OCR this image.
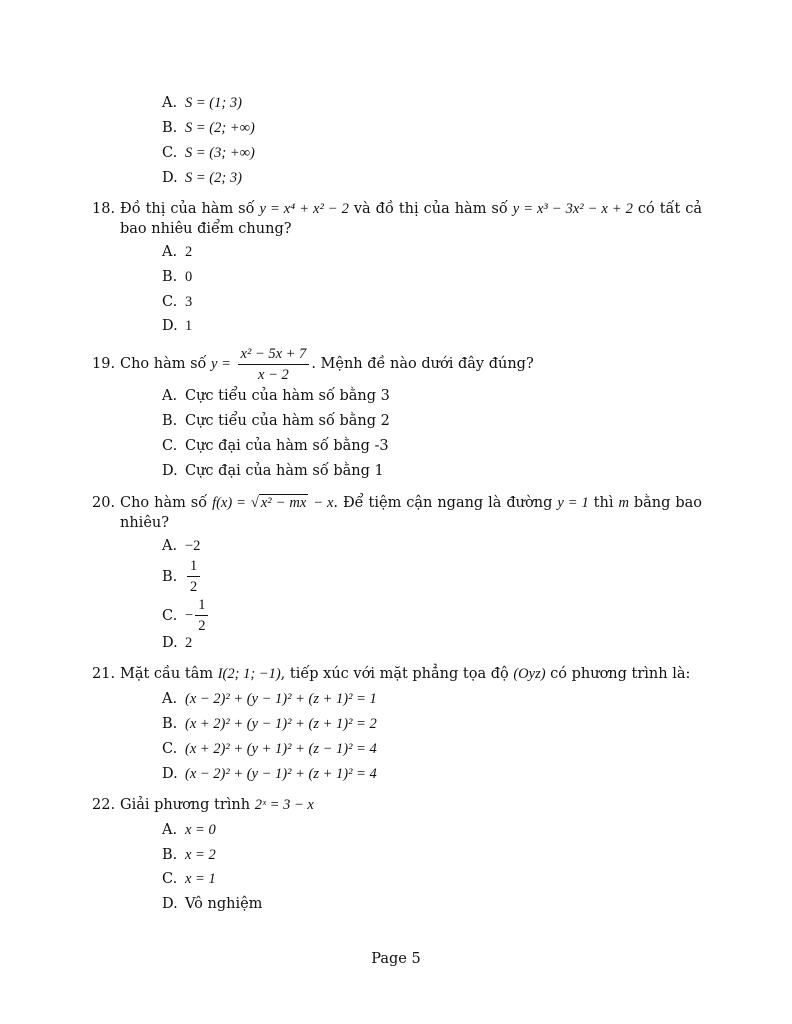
A. S = (1; 3)
B. S = (2; +∞)
C. S = (3; +∞)
D. S = (2; 3)
18. Đồ thị của hàm số y = x⁴ + x² − 2 và đồ thị của hàm số y = x³ − 3x² − x + 2 có tất cả bao nhiêu điểm chung?
A. 2
B. 0
C. 3
D. 1
19. Cho hàm số $y = \frac{\text{x² − 5x + 7}}{x - 2}$ . Mệnh đề nào dưới đây đúng?
A. Cực tiểu của hàm số bằng 3
B. Cực tiểu của hàm số bằng 2
C. Cực đại của hàm số bằng -3
D. Cực đại của hàm số bằng 1
20. Cho hàm số f(x) = √ x² − mx − x. Để tiệm cận ngang là đường y = 1 thì m bằng bao nhiêu?
A. −2
B. $\frac{1}{2}$
C. − $\frac{1}{2}$
D. 2
21. Mặt cầu tâm I(2; 1; −1), tiếp xúc với mặt phẳng tọa độ (Oyz) có phương trình là:
A. (x − 2)² + (y − 1)² + (z + 1)² = 1
B. (x + 2)² + (y − 1)² + (z + 1)² = 2
C. (x + 2)² + (y + 1)² + (z − 1)² = 4
D. (x − 2)² + (y − 1)² + (z + 1)² = 4
22. Giải phương trình 2ˣ = 3 − x
A. x = 0
B. x = 2
C. x = 1
D. Vô nghiệm
Page 5
